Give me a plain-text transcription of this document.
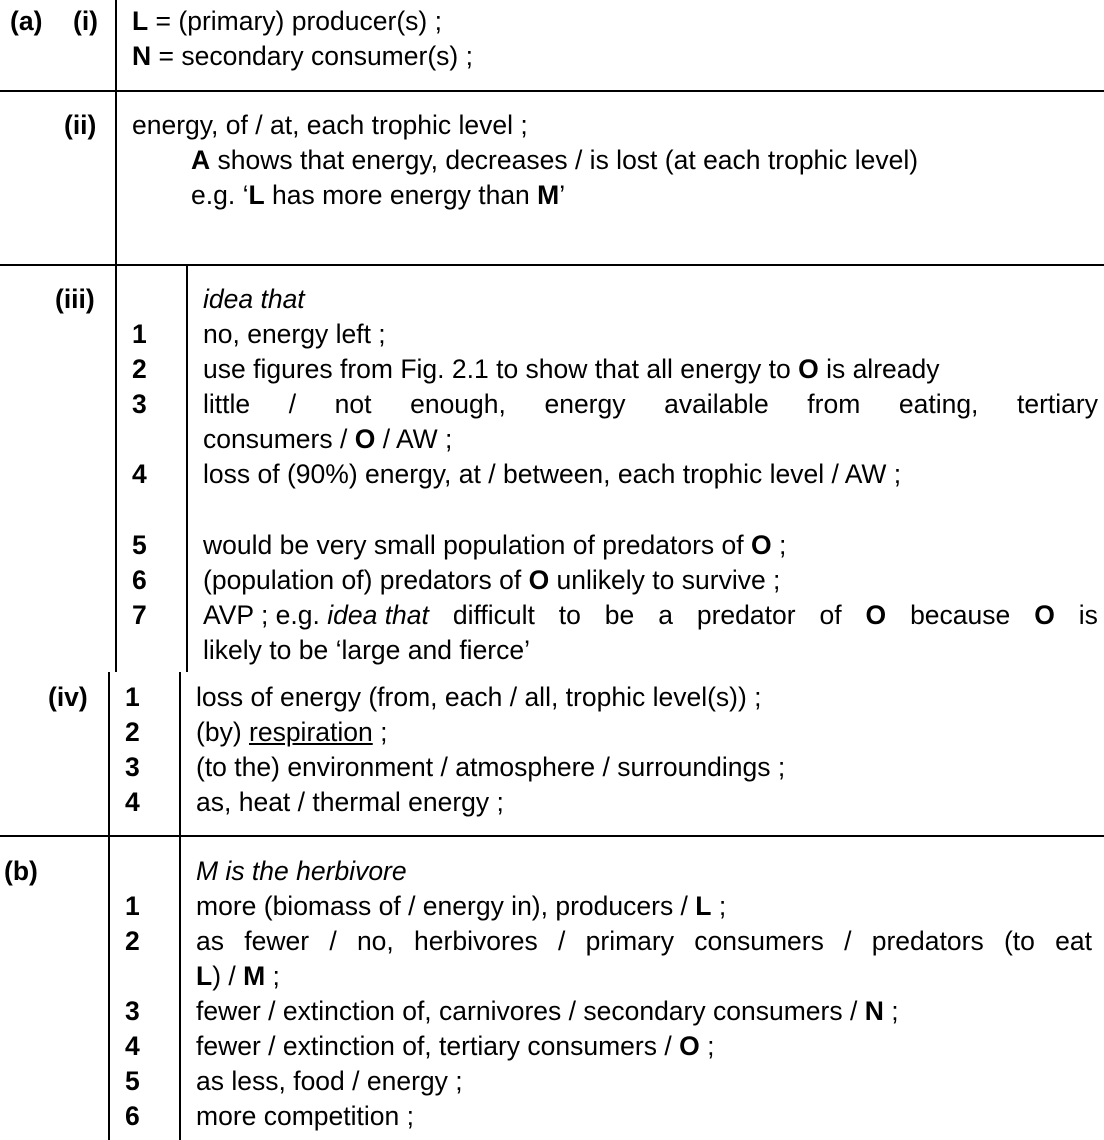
(a) (i) L = (primary) producer(s) ;
N = secondary consumer(s) ;
(ii) energy, of / at, each trophic level ;
A shows that energy, decreases / is lost (at each trophic level)
e.g. ‘L has more energy than M’
(iii)	idea that
1
2
3
4
5
6
7
no, energy left ;
use figures from Fig. 2.1 to show that all energy to O is already
little / not enough, energy available from eating, tertiary
consumers / O / AW ;
loss of (90%) energy, at / between, each trophic level / AW ;
would be very small population of predators of O ;
(population of) predators of O unlikely to survive ;
AVP ; e.g. idea that difficult to be a predator of O because O is
likely to be ‘large and fierce’
(iv) 1
2
3
4
loss of energy (from, each / all, trophic level(s)) ;
(by) respiration ;
(to the) environment / atmosphere / surroundings ;
as, heat / thermal energy ;
(b)	M is the herbivore
1
2
3
4
5
6
more (biomass of / energy in), producers / L ;
as fewer / no, herbivores / primary consumers / predators (to eat
L) / M ;
fewer / extinction of, carnivores / secondary consumers / N ;
fewer / extinction of, tertiary consumers / O ;
as less, food / energy ;
more competition ;
